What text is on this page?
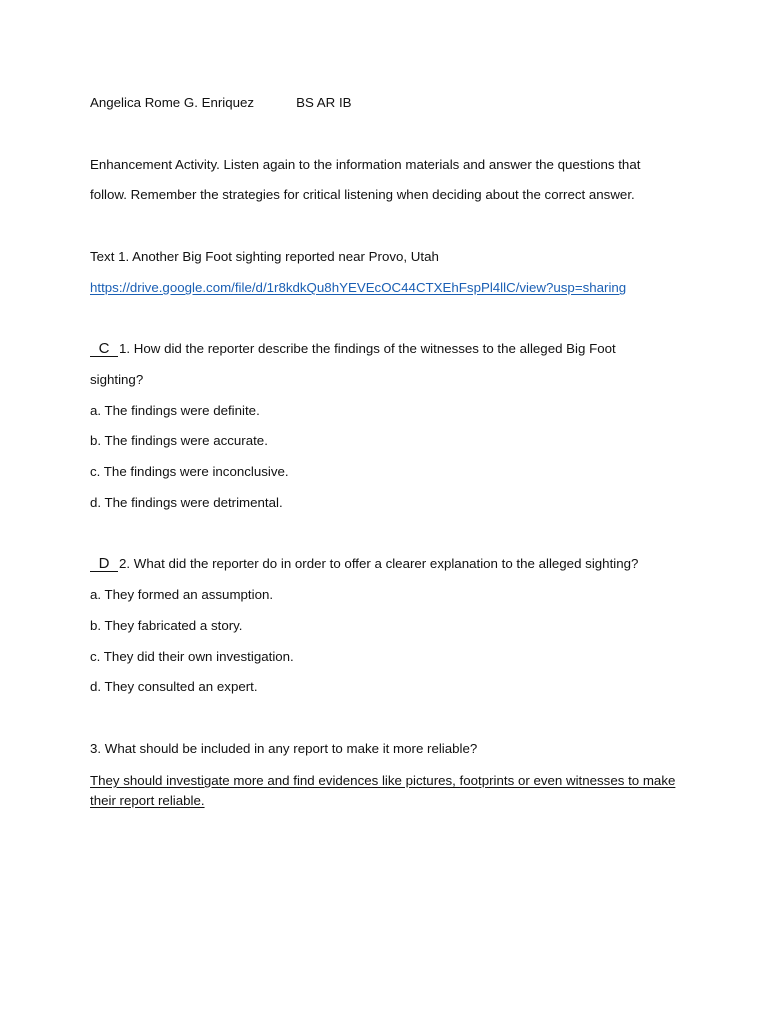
Angelica Rome G. Enriquez	BS AR IB
Enhancement Activity. Listen again to the information materials and answer the questions that
follow. Remember the strategies for critical listening when deciding about the correct answer.
Text 1. Another Big Foot sighting reported near Provo, Utah
https://drive.google.com/file/d/1r8kdkQu8hYEVEcOC44CTXEhFspPl4llC/view?usp=sharing
C 1. How did the reporter describe the findings of the witnesses to the alleged Big Foot
sighting?
a. The findings were definite.
b. The findings were accurate.
c. The findings were inconclusive.
d. The findings were detrimental.
D 2. What did the reporter do in order to offer a clearer explanation to the alleged sighting?
a. They formed an assumption.
b. They fabricated a story.
c. They did their own investigation.
d. They consulted an expert.
3. What should be included in any report to make it more reliable?
They should investigate more and find evidences like pictures, footprints or even witnesses to make their report reliable.
